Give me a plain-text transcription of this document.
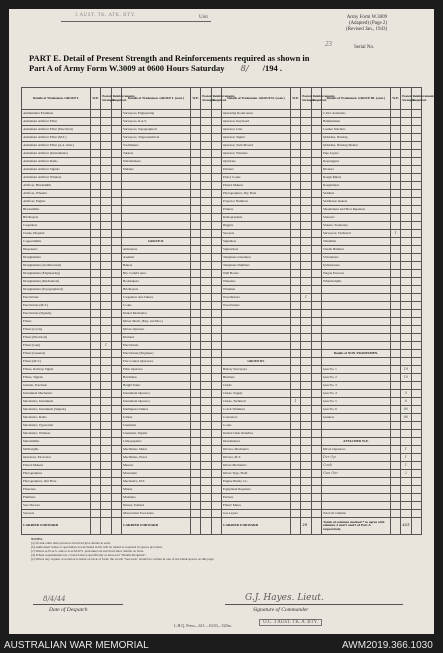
3 AUST. TK. ATK. BTY.	Unit	Army Form W.3009
(Adapted) (Page 2)
(Revised Jan., 1943)
23	Serial No.
PART E. Detail of Present Strength and Reinforcements required as shown in
Part A of Army Form W.3009 at 0600 Hours Saturday 8/ /194 .
Details of Tradesmen. GROUP I.	W.E.	Posted Strength.	Reinforcements Required.	Details of Tradesmen. GROUP I. (cont.)	W.E.	Posted Strength.	Reinforcements Required.	Details of Tradesmen. GROUP II. (cont.)	W.E.	Posted Strength.	Reinforcements Required.	Details of Tradesmen. GROUP III. (cont.)	W.E.	Posted Strength.	Reinforcements Required.
Ammunition Examiner				Surveyors, Engineering				Operating Room Assts.				C.P.O. Assistants			
Armament Artificer Fitter				Surveyors, R.A.S.				Operator, Keyboard				Hammermen			
Armament Artificer Fitter (Electrical)				Surveyors, Topographical				Operator, Line				Leather Stitchers			
Armament Artificer Fitter (M.T.)				Surveyors, Trigonometrical				Operator, Signal				Orderlies, Nursing			
Armament Artificer Fitter (A.A. Instr.)				Toolmakers				Operator, Switchboard				Orderlies, Nursing Mental			
Armament Artificer (Instruments)				Turners				Operator, Wireless				Pipe Layers			
Armament Artificer Radio				Watchmakers				Opticians				Roperiggers			
Armament Artificer Signals				Welders				Painters				Riveters			
Armament Artificer Wireless								Pastry Cooks				Rough Riders			
Artificer, Blacksmith								Pattern Makers				Roughriders			
Artificer, Wheeler								Photographers, Dry Plate				Saddlers			
Artificer, Engine								Projector Numbers				Saddletree makers			
Blacksmiths								Printers				Shoemakers and Boot Repairers			
Bricklayers								Radiographers				Strewers			
Carpenters								Riggers				Stokers, Stationary			
Clerks, Hospital								Sawyers				Surveyors, Technical	1		
Coppersmiths				GROUP II.				Signallers				Tinsmiths			
Dispensers				Armourers				Signwriters				Trestle Builders			
Draughtsmen				Axemen				Telephone Linesmen				Vulcanizers			
Draughtsmen (Architectural)				Bakers				Telephone Numbers				Upholsterers			
Draughtsmen (Engineering)				Bty. Comd's Asst.				Well Borers				Wagon Erectors			
Draughtsmen (Mechanical)				Bootmakers				Wheelers				Wheelwrights			
Draughtsmen (Topographical)				Bricklayers				Wiremen							
Electricians				Carpenters and Joiners				Woodturners		1					
Electricians (M.T.)				Cooks				Woodcutters							
Electricians (Signals)				Dental Mechanics											
Fitters				Driver Mech. (Eng. and Mot.)											
Fitters (Cycle)				Driver-Operator											
Fitters (Electrical)				Drainers											
Fitters (Gun)		1		Electricians											
Fitters (General)				Electricians (Engineer)								Details of NON-TRADESMEN.			
Fitters (M.T.)				Fire Control Operators				GROUP III.							
Fitters, Railway Signal				Fitter Operator				Battery Surveyors				Gun No. 1		19	
Fitters, Signals				Hatchmen				Butchers				Gun No. 2		10	
Grinder, Precision				Height Taker				Clerks				Gun No. 3			
Instrument Mechanics				Instrument Operator				Clerks, Supply				Gun No. 4		5	
Mechanics, Instrument				Instrument Operator				Clerks, Technical	1			Gun No. 5		6	
Mechanics, Instrument (Signals)				Intelligence Duties				Coach Trimmers				Gun No. 6		80	
Mechanics, Radio				Joiners				Concretors				Gunners		80	
Mechanics, Typewriter				Linesmen				Cooks							
Mechanics, Wireless				Linesmen, Signals				Dental Clerk Orderlies							
Metalsmiths				Lithographers				Dressmakers				ATTACHED W.E.			
Millwrights				Machinists, Metal				Drivers, Mechanics				Driver Operators		1	
Operators, Excavator				Machinists, Wood				Drivers, M.T.				Dvr Op		1	
Pattern Makers				Masons				Driver Mechanics				Cook		1	
Photographers				Motormen				Driver Type, Field				Gun Gnr		2	
Photographers, Wet Plate				Mechanics, M.T.				Engine Hands, I.C.							
Plasterers				Miners				Equipment Repairers							
Plumbers				Moulders				Farriers							
Saw Doctors				Nurses, Trained				Fitters' Mates							
Sawyers				Observation Post Assts.				Gas Layers				Total all columns			
CARRIED FORWARD				CARRIED FORWARD				CARRIED FORWARD		29		Totals of columns marked * to agree with columns 4 and 5 and 5 of Part A respectively.		425	
NOTES.
(a) If rank other than private is involved give details in each.
(b) Authorised trades or specialists not included in list will be added as required in spaces provided.
(c) Where A.W.A.S. and/or A.A.M.W.S. personnel are involved show details on back.
(d) Where requirements not covered above specifically as shown in "Details Required".
(e) Where any request or notation is made on back of form, the words "See back" should be written in one of the blank spaces on this page.
8/4/44
Date of Despatch
G.J. Hayes. Lieut.
Signature of Commander
O.C. 3 AUST. TK. A. BTY.
L.H.Q. Press—611—10/43—520m.
AUSTRALIAN WAR MEMORIAL	AWM2019.366.1030
